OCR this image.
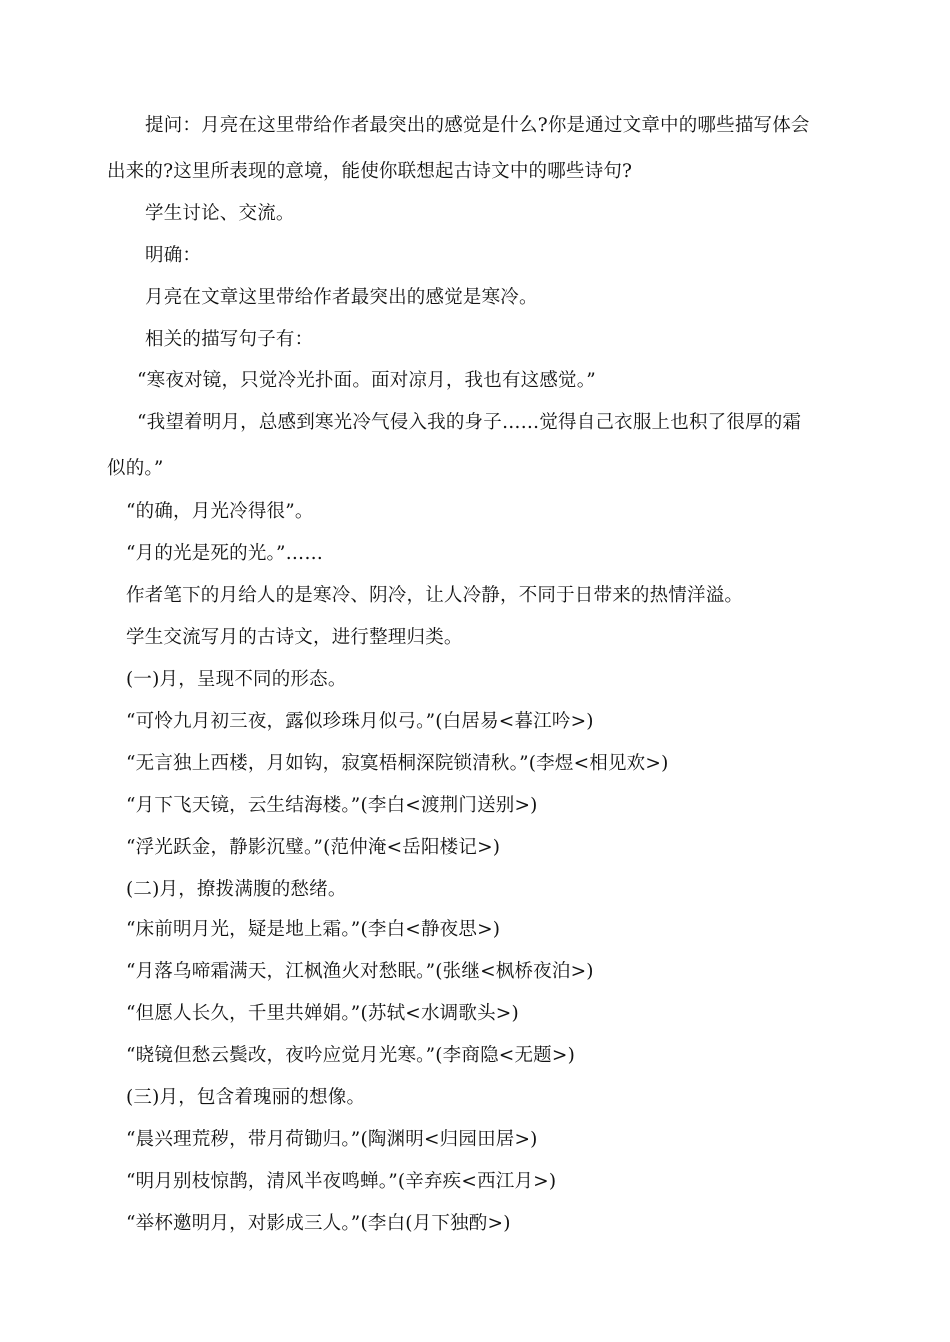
提问：月亮在这里带给作者最突出的感觉是什么?你是通过文章中的哪些描写体会
出来的?这里所表现的意境，能使你联想起古诗文中的哪些诗句?
学生讨论、交流。
明确：
月亮在文章这里带给作者最突出的感觉是寒冷。
相关的描写句子有：
“寒夜对镜，只觉冷光扑面。面对凉月，我也有这感觉。”
“我望着明月，总感到寒光冷气侵入我的身子……觉得自己衣服上也积了很厚的霜
似的。”
“的确，月光冷得很”。
“月的光是死的光。”……
作者笔下的月给人的是寒冷、阴冷，让人冷静，不同于日带来的热情洋溢。
学生交流写月的古诗文，进行整理归类。
(一)月，呈现不同的形态。
“可怜九月初三夜，露似珍珠月似弓。”(白居易<暮江吟>)
“无言独上西楼，月如钩，寂寞梧桐深院锁清秋。”(李煜<相见欢>)
“月下飞天镜，云生结海楼。”(李白<渡荆门送别>)
“浮光跃金，静影沉璧。”(范仲淹<岳阳楼记>)
(二)月，撩拨满腹的愁绪。
“床前明月光，疑是地上霜。”(李白<静夜思>)
“月落乌啼霜满天，江枫渔火对愁眠。”(张继<枫桥夜泊>)
“但愿人长久，千里共婵娟。”(苏轼<水调歌头>)
“晓镜但愁云鬓改，夜吟应觉月光寒。”(李商隐<无题>)
(三)月，包含着瑰丽的想像。
“晨兴理荒秽，带月荷锄归。”(陶渊明<归园田居>)
“明月别枝惊鹊，清风半夜鸣蝉。”(辛弃疾<西江月>)
“举杯邀明月，对影成三人。”(李白(月下独酌>)
